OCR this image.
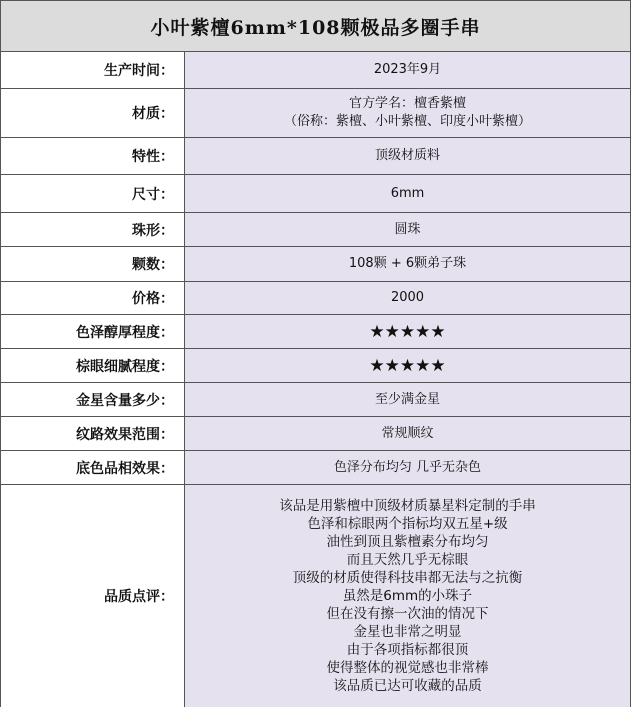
小叶紫檀6mm*108颗极品多圈手串
生产时间：	2023年9月
材质：
官方学名：檀香紫檀
（俗称：紫檀、小叶紫檀、印度小叶紫檀）
特性：	顶级材质料
尺寸：	6mm
珠形：	圆珠
颗数：	108颗 + 6颗弟子珠
价格：	2000
色泽醇厚程度：	★★★★★
棕眼细腻程度：	★★★★★
金星含量多少：	至少满金星
纹路效果范围：	常规顺纹
底色品相效果：	色泽分布均匀 几乎无杂色
品质点评：
该品是用紫檀中顶级材质暴星料定制的手串
色泽和棕眼两个指标均双五星+级
油性到顶且紫檀素分布均匀
而且天然几乎无棕眼
顶级的材质使得科技串都无法与之抗衡
虽然是6mm的小珠子
但在没有擦一次油的情况下
金星也非常之明显
由于各项指标都很顶
使得整体的视觉感也非常棒
该品质已达可收藏的品质
